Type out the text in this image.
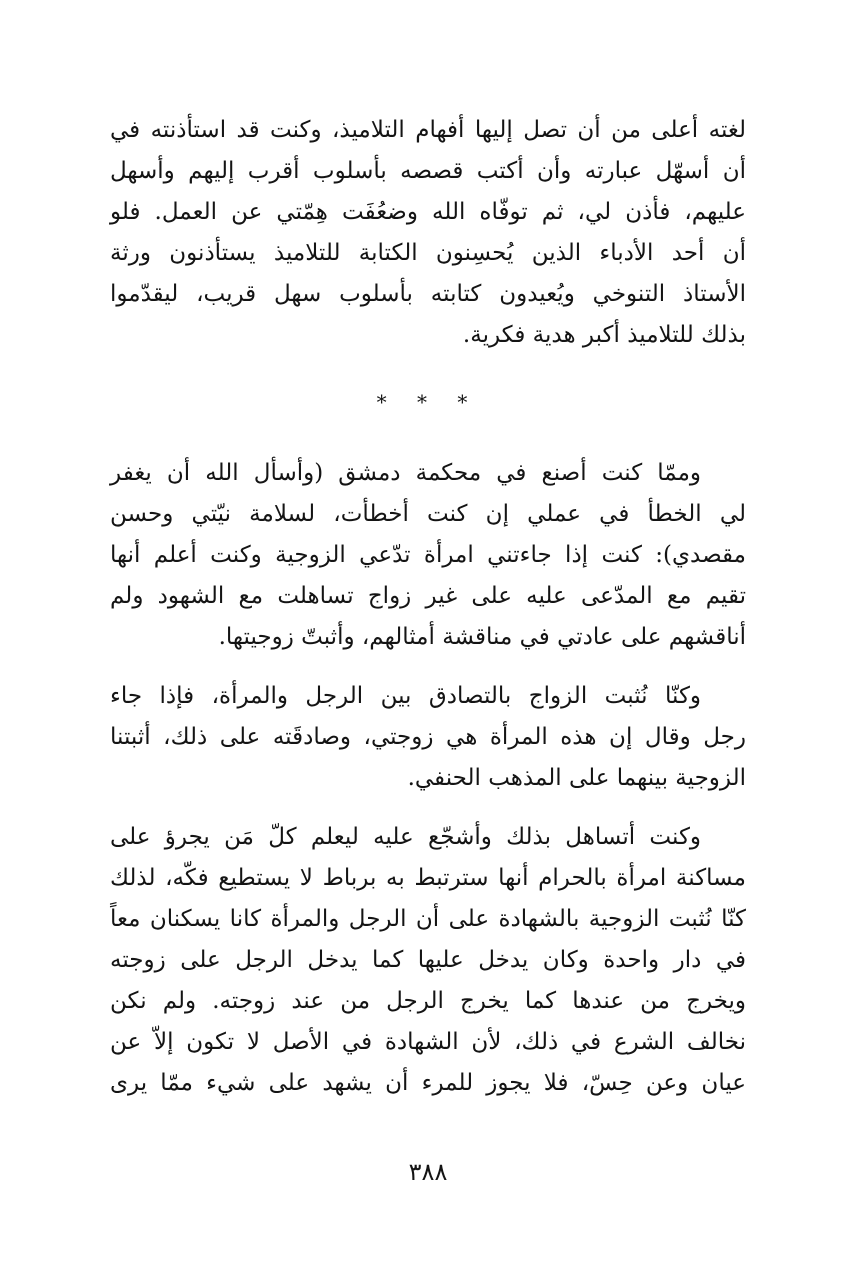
لغته أعلى من أن تصل إليها أفهام التلاميذ، وكنت قد استأذنته في
أن أسهّل عبارته وأن أكتب قصصه بأسلوب أقرب إليهم وأسهل
عليهم، فأذن لي، ثم توفّاه الله وضعُفَت هِمّتي عن العمل. فلو
أن أحد الأدباء الذين يُحسِنون الكتابة للتلاميذ يستأذنون ورثة
الأستاذ التنوخي ويُعيدون كتابته بأسلوب سهل قريب، ليقدّموا
بذلك للتلاميذ أكبر هدية فكرية.
* * *
وممّا كنت أصنع في محكمة دمشق (وأسأل الله أن يغفر
لي الخطأ في عملي إن كنت أخطأت، لسلامة نيّتي وحسن
مقصدي): كنت إذا جاءتني امرأة تدّعي الزوجية وكنت أعلم أنها
تقيم مع المدّعى عليه على غير زواج تساهلت مع الشهود ولم
أناقشهم على عادتي في مناقشة أمثالهم، وأثبتّ زوجيتها.
وكنّا نُثبت الزواج بالتصادق بين الرجل والمرأة، فإذا جاء
رجل وقال إن هذه المرأة هي زوجتي، وصادقَته على ذلك، أثبتنا
الزوجية بينهما على المذهب الحنفي.
وكنت أتساهل بذلك وأشجّع عليه ليعلم كلّ مَن يجرؤ على
مساكنة امرأة بالحرام أنها سترتبط به برباط لا يستطيع فكّه، لذلك
كنّا نُثبت الزوجية بالشهادة على أن الرجل والمرأة كانا يسكنان معاً
في دار واحدة وكان يدخل عليها كما يدخل الرجل على زوجته
ويخرج من عندها كما يخرج الرجل من عند زوجته. ولم نكن
نخالف الشرع في ذلك، لأن الشهادة في الأصل لا تكون إلاّ عن
عيان وعن حِسّ، فلا يجوز للمرء أن يشهد على شيء ممّا يرى
٣٨٨
